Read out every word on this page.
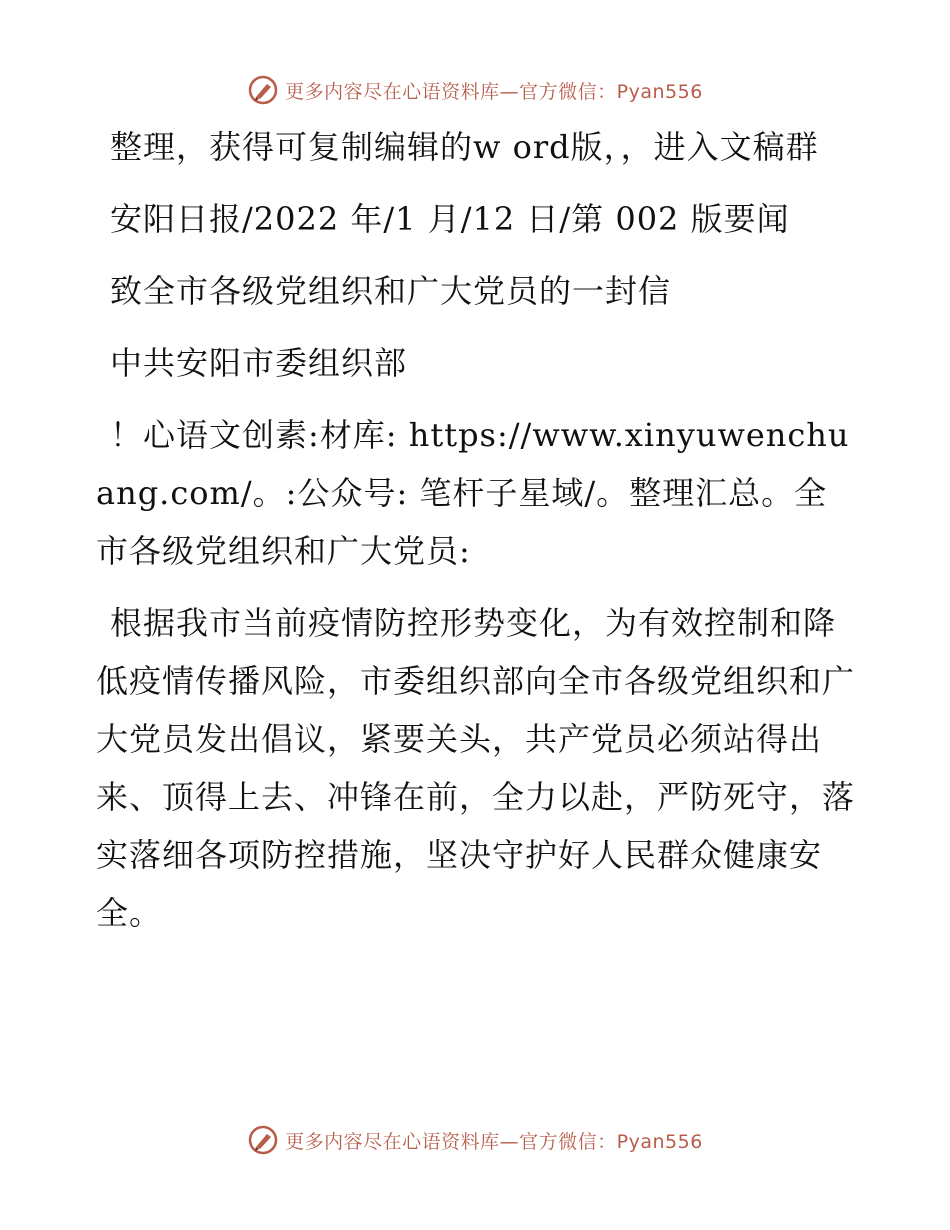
更多内容尽在心语资料库—官方微信：Pyan556

整理，获得可复制编辑的w ord版，，进入文稿群

安阳日报/2022 年/1 月/12 日/第 002 版要闻

致全市各级党组织和广大党员的一封信

中共安阳市委组织部

！心语文创素:材库: https://www.xinyuwenchuang.com/。:公众号: 笔杆子星域/。整理汇总。全市各级党组织和广大党员:

根据我市当前疫情防控形势变化，为有效控制和降低疫情传播风险，市委组织部向全市各级党组织和广大党员发出倡议，紧要关头，共产党员必须站得出来、顶得上去、冲锋在前，全力以赴，严防死守，落实落细各项防控措施，坚决守护好人民群众健康安全。

更多内容尽在心语资料库—官方微信：Pyan556
